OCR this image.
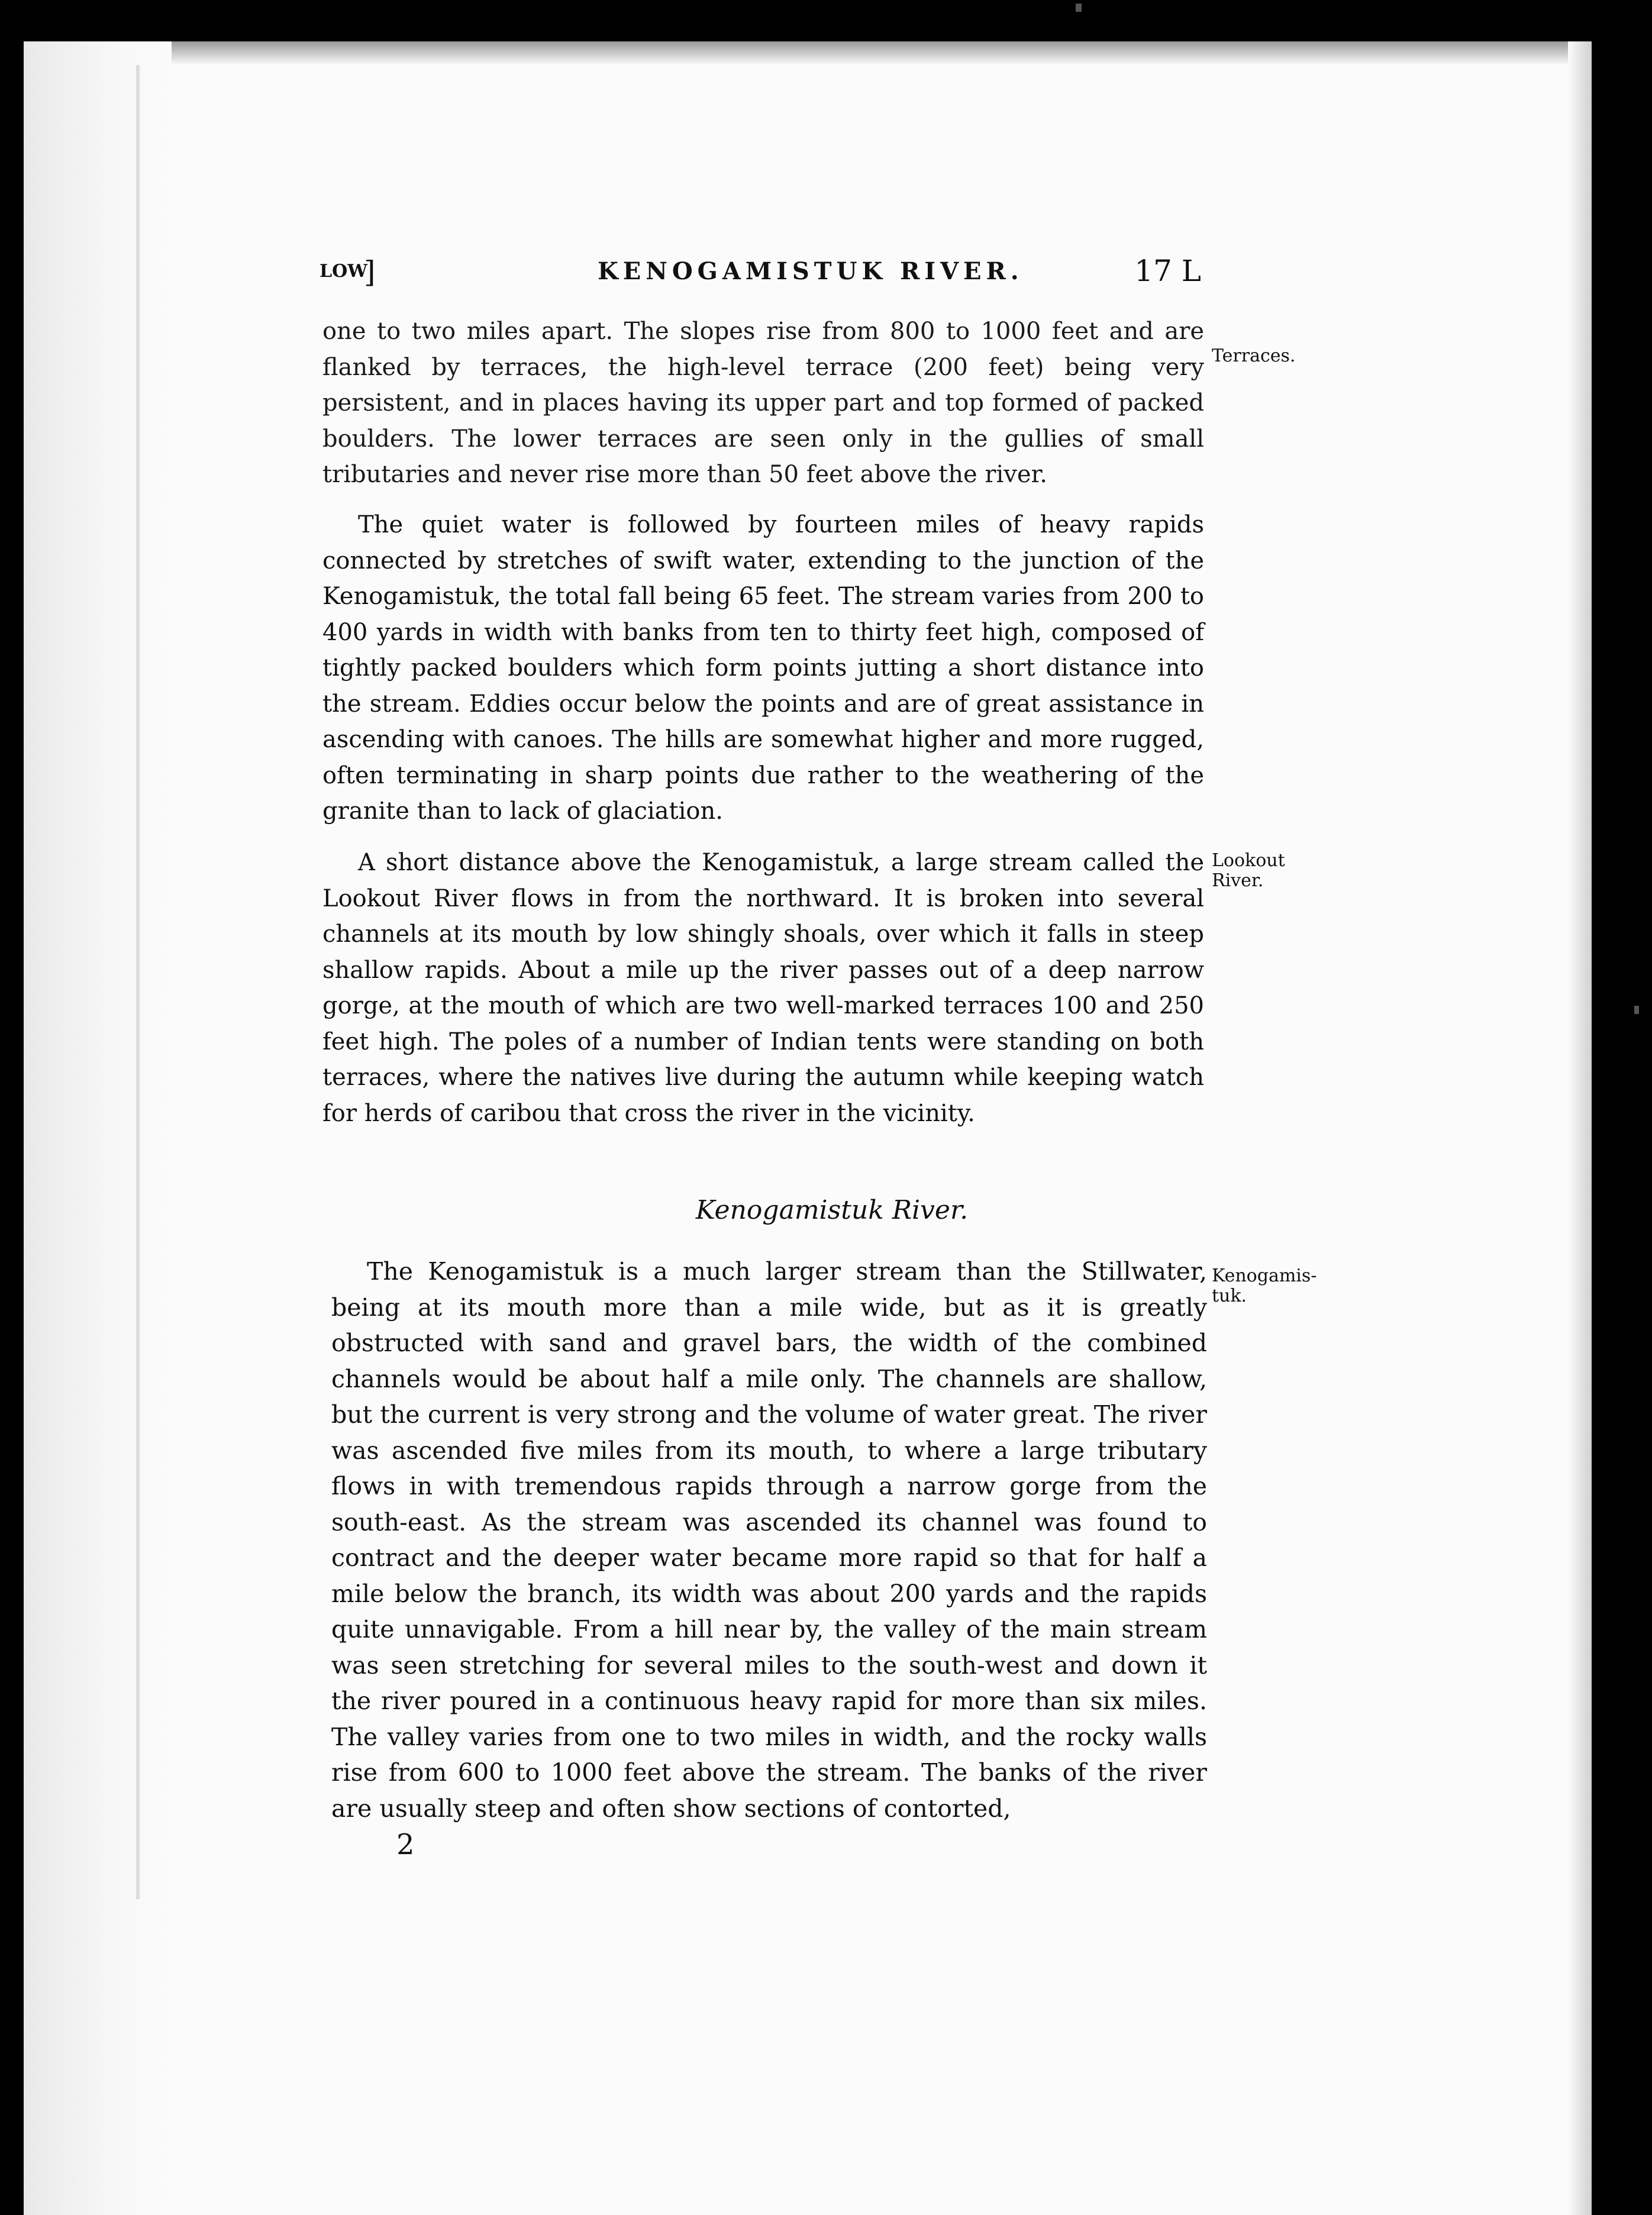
LOW
]	KENOGAMISTUK RIVER.	17 L

one to two miles apart. The slopes rise from 800 to 1000 feet and are flanked by terraces, the high-level terrace (200 feet) being very persistent, and in places having its upper part and top formed of packed boulders. The lower terraces are seen only in the gullies of small tributaries and never rise more than 50 feet above the river.

The quiet water is followed by fourteen miles of heavy rapids connected by stretches of swift water, extending to the junction of the Kenogamistuk, the total fall being 65 feet. The stream varies from 200 to 400 yards in width with banks from ten to thirty feet high, composed of tightly packed boulders which form points jutting a short distance into the stream. Eddies occur below the points and are of great assistance in ascending with canoes. The hills are somewhat higher and more rugged, often terminating in sharp points due rather to the weathering of the granite than to lack of glaciation.

A short distance above the Kenogamistuk, a large stream called the Lookout River flows in from the northward. It is broken into several channels at its mouth by low shingly shoals, over which it falls in steep shallow rapids. About a mile up the river passes out of a deep narrow gorge, at the mouth of which are two well-marked terraces 100 and 250 feet high. The poles of a number of Indian tents were standing on both terraces, where the natives live during the autumn while keeping watch for herds of caribou that cross the river in the vicinity.

Kenogamistuk River.

The Kenogamistuk is a much larger stream than the Stillwater, being at its mouth more than a mile wide, but as it is greatly obstructed with sand and gravel bars, the width of the combined channels would be about half a mile only. The channels are shallow, but the current is very strong and the volume of water great. The river was ascended five miles from its mouth, to where a large tributary flows in with tremendous rapids through a narrow gorge from the south-east. As the stream was ascended its channel was found to contract and the deeper water became more rapid so that for half a mile below the branch, its width was about 200 yards and the rapids quite unnavigable. From a hill near by, the valley of the main stream was seen stretching for several miles to the south-west and down it the river poured in a continuous heavy rapid for more than six miles. The valley varies from one to two miles in width, and the rocky walls rise from 600 to 1000 feet above the stream. The banks of the river are usually steep and often show sections of contorted,

Terraces.
Lookout
River.
Kenogamis-
tuk.
2
